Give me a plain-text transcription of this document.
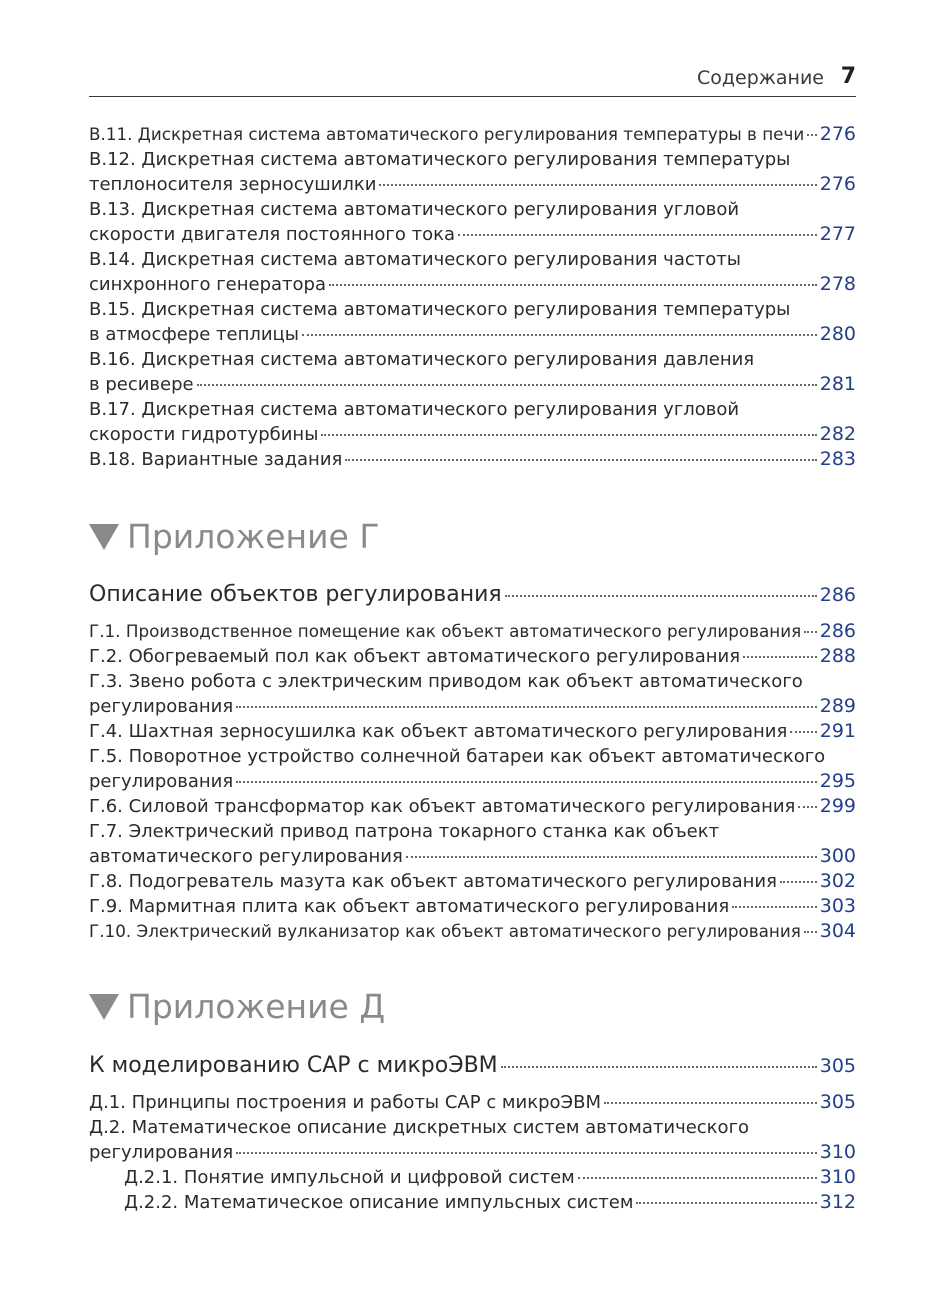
Содержание 7
В.11. Дискретная система автоматического регулирования температуры в печи 276
В.12. Дискретная система автоматического регулирования температуры
теплоносителя зерносушилки	276
В.13. Дискретная система автоматического регулирования угловой
скорости двигателя постоянного тока	277
В.14. Дискретная система автоматического регулирования частоты
синхронного генератора	278
В.15. Дискретная система автоматического регулирования температуры
в атмосфере теплицы	280
В.16. Дискретная система автоматического регулирования давления
в ресивере	281
В.17. Дискретная система автоматического регулирования угловой
скорости гидротурбины	282
В.18. Вариантные задания	283
Приложение Г
Описание объектов регулирования	286
Г.1. Производственное помещение как объект автоматического регулирования 286
Г.2. Обогреваемый пол как объект автоматического регулирования	288
Г.3. Звено робота с электрическим приводом как объект автоматического
регулирования	289
Г.4. Шахтная зерносушилка как объект автоматического регулирования 291
Г.5. Поворотное устройство солнечной батареи как объект автоматического
регулирования	295
Г.6. Силовой трансформатор как объект автоматического регулирования 299
Г.7. Электрический привод патрона токарного станка как объект
автоматического регулирования	300
Г.8. Подогреватель мазута как объект автоматического регулирования 302
Г.9. Мармитная плита как объект автоматического регулирования	303
Г.10. Электрический вулканизатор как объект автоматического регулирования 304
Приложение Д
К моделированию САР с микроЭВМ	305
Д.1. Принципы построения и работы САР с микроЭВМ	305
Д.2. Математическое описание дискретных систем автоматического
регулирования	310
Д.2.1. Понятие импульсной и цифровой систем	310
Д.2.2. Математическое описание импульсных систем	312
